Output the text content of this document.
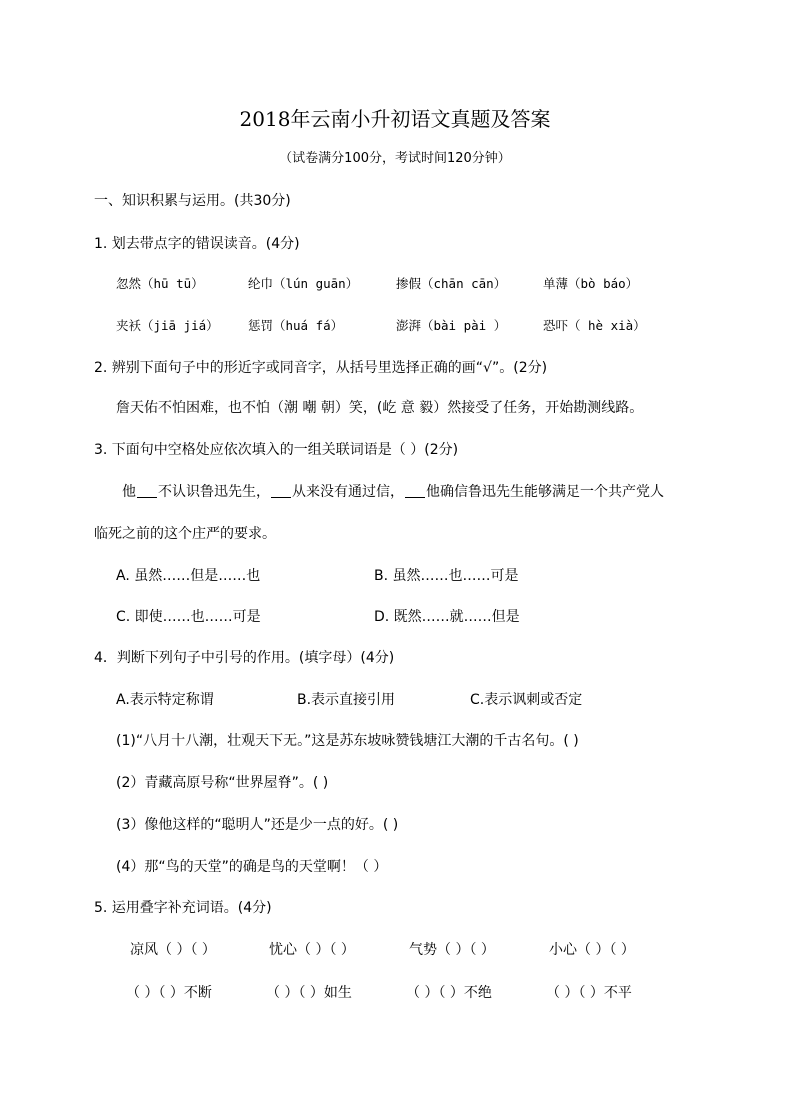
2018年云南小升初语文真题及答案
（试卷满分100分，考试时间120分钟）
一、知识积累与运用。(共30分)
1. 划去带点字的错误读音。(4分)
忽然（hū tū）	纶巾（lún guān）	掺假（chān cān）	单薄（bò báo）
夹袄（jiā jiá） 惩罚（huá fá）	澎湃（bài pài ）	恐吓（ hè xià）
2. 辨别下面句子中的形近字或同音字，从括号里选择正确的画“√”。(2分)
詹天佑不怕困难，也不怕（潮 嘲 朝）笑，(屹 意 毅）然接受了任务，开始勘测线路。
3. 下面句中空格处应依次填入的一组关联词语是（ ）(2分)
他 不认识鲁迅先生， 从来没有通过信， 他确信鲁迅先生能够满足一个共产党人
临死之前的这个庄严的要求。
A. 虽然……但是……也	B. 虽然……也……可是
C. 即使……也……可是	D. 既然……就……但是
4．判断下列句子中引号的作用。(填字母）(4分)
A.表示特定称谓	B.表示直接引用	C.表示讽刺或否定
(1)“八月十八潮，壮观天下无。”这是苏东坡咏赞钱塘江大潮的千古名句。( )
(2）青藏高原号称“世界屋脊”。( )
(3）像他这样的“聪明人”还是少一点的好。( )
(4）那“鸟的天堂”的确是鸟的天堂啊！（ ）
5. 运用叠字补充词语。(4分)
凉风（ ）（ ）	忧心（ ）（ ）	气势（ ）（ ）	小心（ ）（ ）
（ ）（ ）不断	（ ）（ ）如生	（ ）（ ）不绝	（ ）（ ）不平
